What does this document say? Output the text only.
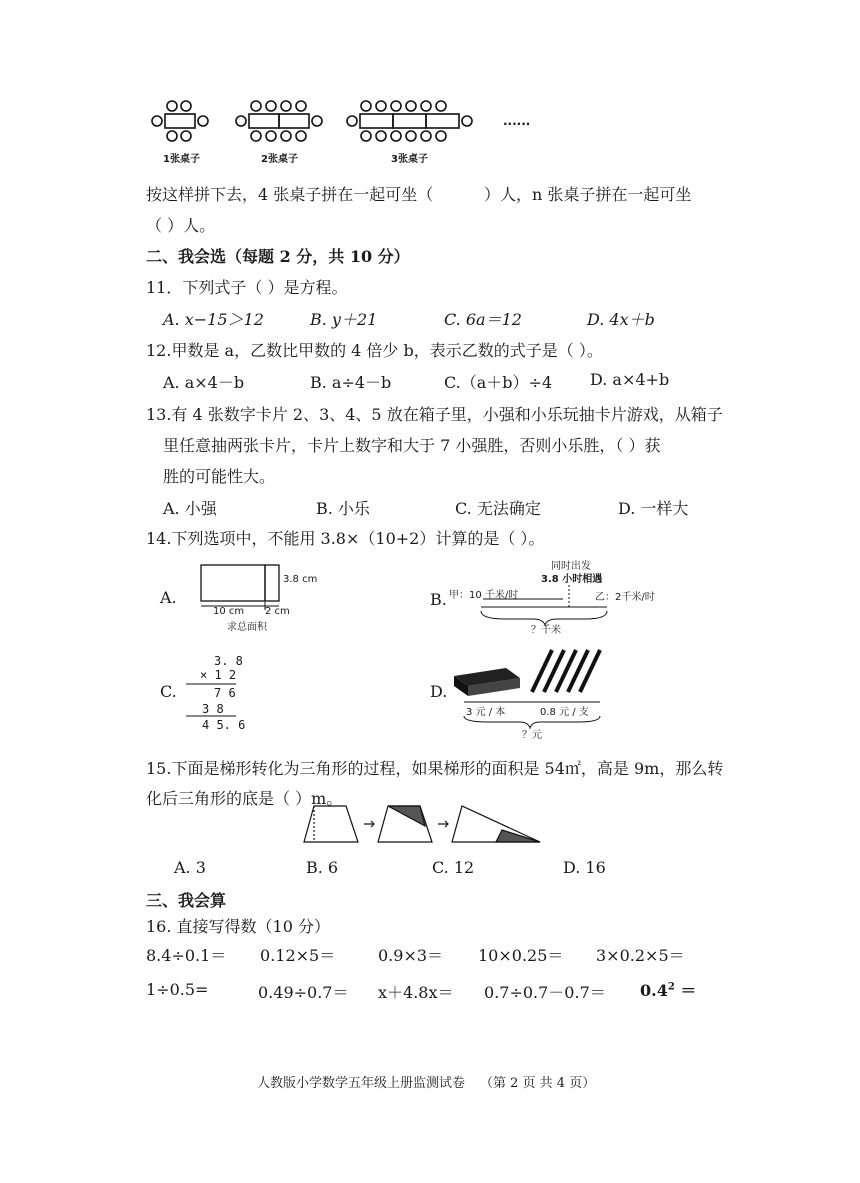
1张桌子	2张桌子	3张桌子
......
按这样拼下去，4 张桌子拼在一起可坐（	）人，n 张桌子拼在一起可坐
（ ）人。
二、我会选（每题 2 分，共 10 分）
11．下列式子（ ）是方程。
A. x−15＞12	B. y＋21	C. 6a＝12	D. 4x＋b
12.甲数是 a，乙数比甲数的 4 倍少 b，表示乙数的式子是（ ）。
A. a×4－b	B. a÷4－b	C.（a＋b）÷4 D. a×4+b
13.有 4 张数字卡片 2、3、4、5 放在箱子里，小强和小乐玩抽卡片游戏，从箱子
里任意抽两张卡片，卡片上数字和大于 7 小强胜，否则小乐胜，（ ）获
胜的可能性大。
A. 小强	B. 小乐	C. 无法确定	D. 一样大
14.下列选项中，不能用 3.8×（10+2）计算的是（ ）。
A.
3.8 cm
10 cm 2 cm
求总面积
B.
同时出发
3.8 小时相遇
甲：10 千米/时	乙：2千米/时
？千米
C.
3. 8
× 1 2
7 6
3 8
4 5. 6
D.
3 元 / 本	0.8 元 / 支
？元
15.下面是梯形转化为三角形的过程，如果梯形的面积是 54㎡，高是 9m，那么转
化后三角形的底是（ ）m。
A. 3	B. 6	C. 12	D. 16
三、我会算
16. 直接写得数（10 分）
8.4÷0.1＝ 0.12×5＝	0.9×3＝ 10×0.25＝ 3×0.2×5＝
1÷0.5=	$0.49\div 0.7= x+4.8x= 0.7\div 0.7-0.7= 0.4^2$ ＝
人教版小学数学五年级上册监测试卷 （第 2 页 共 4 页）
